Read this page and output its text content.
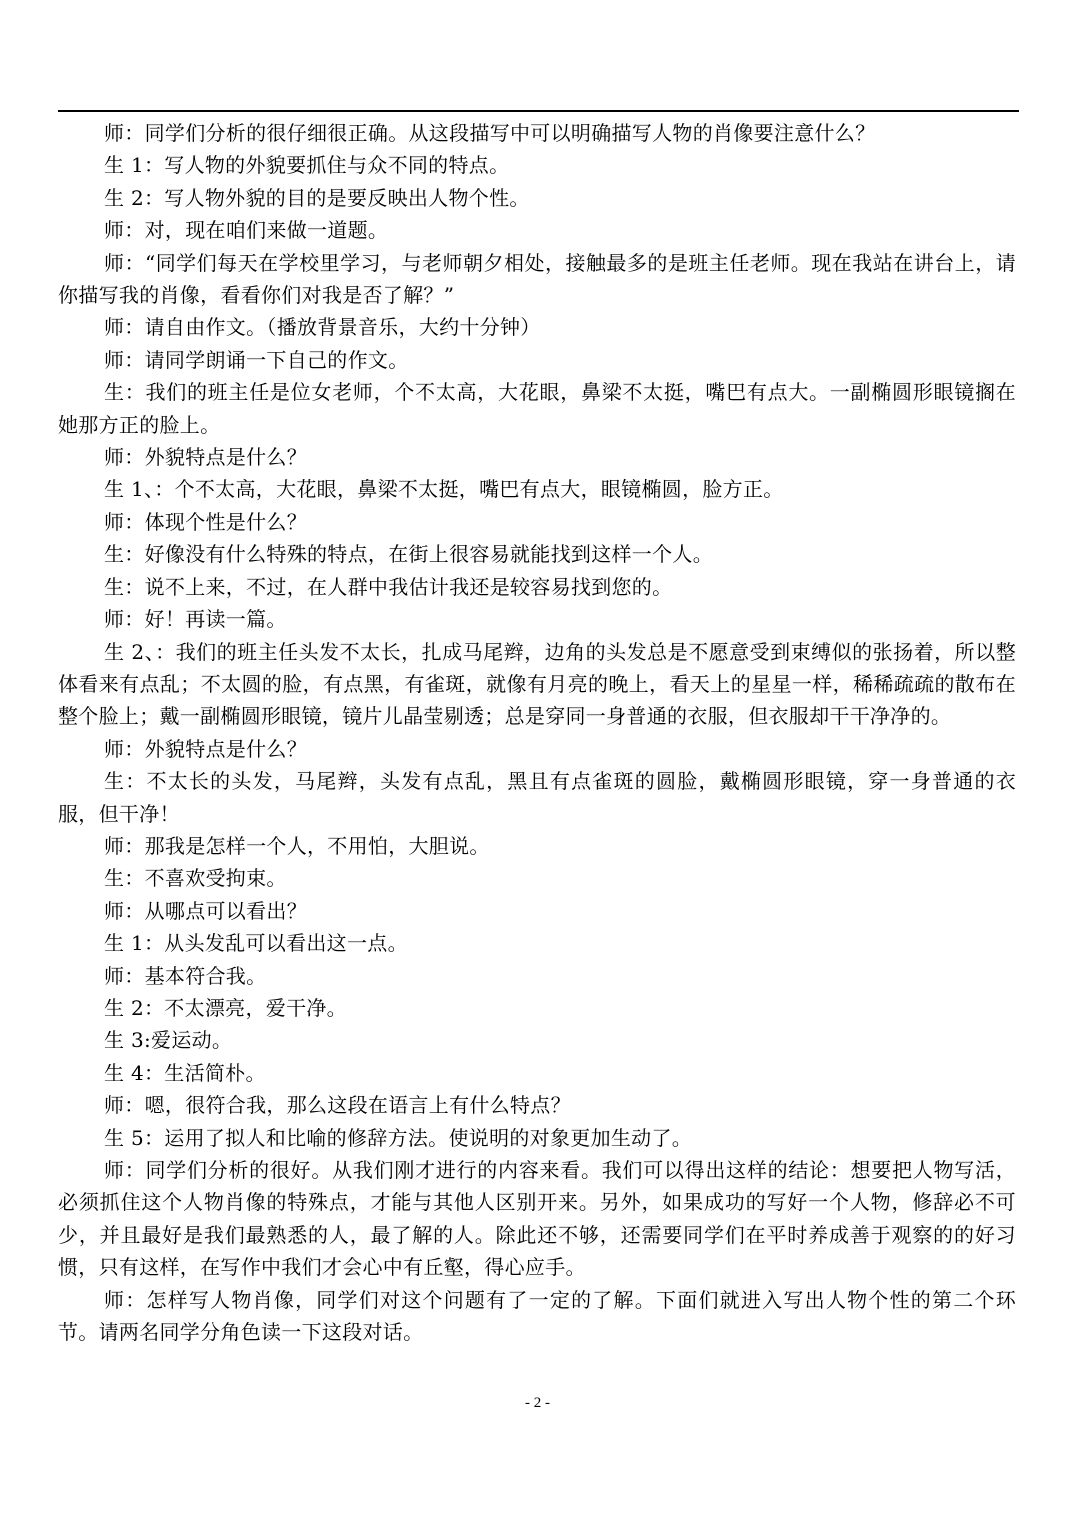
师：同学们分析的很仔细很正确。从这段描写中可以明确描写人物的肖像要注意什么？

生 1：写人物的外貌要抓住与众不同的特点。

生 2：写人物外貌的目的是要反映出人物个性。

师：对，现在咱们来做一道题。

师：“同学们每天在学校里学习，与老师朝夕相处，接触最多的是班主任老师。现在我站在讲台上，请你描写我的肖像，看看你们对我是否了解？”

师：请自由作文。（播放背景音乐，大约十分钟）

师：请同学朗诵一下自己的作文。

生：我们的班主任是位女老师，个不太高，大花眼，鼻梁不太挺，嘴巴有点大。一副椭圆形眼镜搁在她那方正的脸上。

师：外貌特点是什么？

生 1、：个不太高，大花眼，鼻梁不太挺，嘴巴有点大，眼镜椭圆，脸方正。

师：体现个性是什么？

生：好像没有什么特殊的特点，在街上很容易就能找到这样一个人。

生：说不上来，不过，在人群中我估计我还是较容易找到您的。

师：好！再读一篇。

生 2、：我们的班主任头发不太长，扎成马尾辫，边角的头发总是不愿意受到束缚似的张扬着，所以整体看来有点乱；不太圆的脸，有点黑，有雀斑，就像有月亮的晚上，看天上的星星一样，稀稀疏疏的散布在整个脸上；戴一副椭圆形眼镜，镜片儿晶莹剔透；总是穿同一身普通的衣服，但衣服却干干净净的。

师：外貌特点是什么？

生：不太长的头发，马尾辫，头发有点乱，黑且有点雀斑的圆脸，戴椭圆形眼镜，穿一身普通的衣服，但干净！

师：那我是怎样一个人，不用怕，大胆说。

生：不喜欢受拘束。

师：从哪点可以看出？

生 1：从头发乱可以看出这一点。

师：基本符合我。

生 2：不太漂亮，爱干净。

生 3:爱运动。

生 4：生活简朴。

师：嗯，很符合我，那么这段在语言上有什么特点？

生 5：运用了拟人和比喻的修辞方法。使说明的对象更加生动了。

师：同学们分析的很好。从我们刚才进行的内容来看。我们可以得出这样的结论：想要把人物写活，必须抓住这个人物肖像的特殊点，才能与其他人区别开来。另外，如果成功的写好一个人物，修辞必不可少，并且最好是我们最熟悉的人，最了解的人。除此还不够，还需要同学们在平时养成善于观察的的好习惯，只有这样，在写作中我们才会心中有丘壑，得心应手。

师：怎样写人物肖像，同学们对这个问题有了一定的了解。下面们就进入写出人物个性的第二个环节。请两名同学分角色读一下这段对话。

- 2 -
